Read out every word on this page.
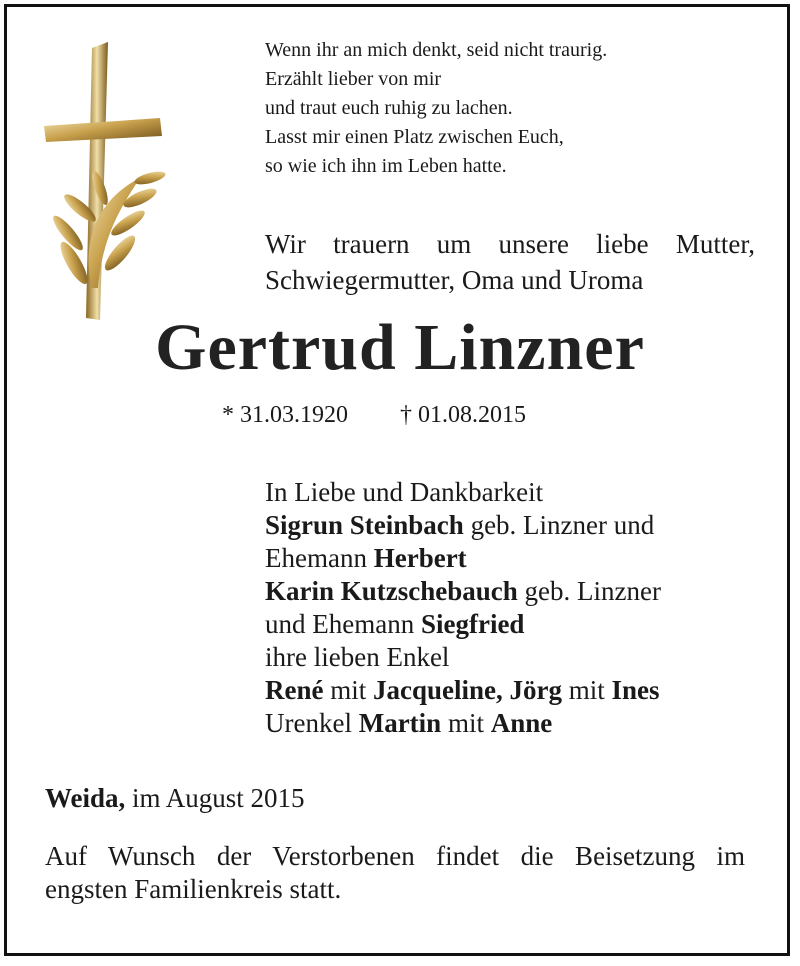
Wenn ihr an mich denkt, seid nicht traurig.
Erzählt lieber von mir
und traut euch ruhig zu lachen.
Lasst mir einen Platz zwischen Euch,
so wie ich ihn im Leben hatte.
Wir trauern um unsere liebe Mutter,
Schwiegermutter, Oma und Uroma
Gertrud Linzner
* 31.03.1920 † 01.08.2015
In Liebe und Dankbarkeit
Sigrun Steinbach geb. Linzner und
Ehemann Herbert
Karin Kutzschebauch geb. Linzner
und Ehemann Siegfried
ihre lieben Enkel
René mit Jacqueline, Jörg mit Ines
Urenkel Martin mit Anne
Weida, im August 2015
Auf Wunsch der Verstorbenen findet die Beisetzung im
engsten Familienkreis statt.
